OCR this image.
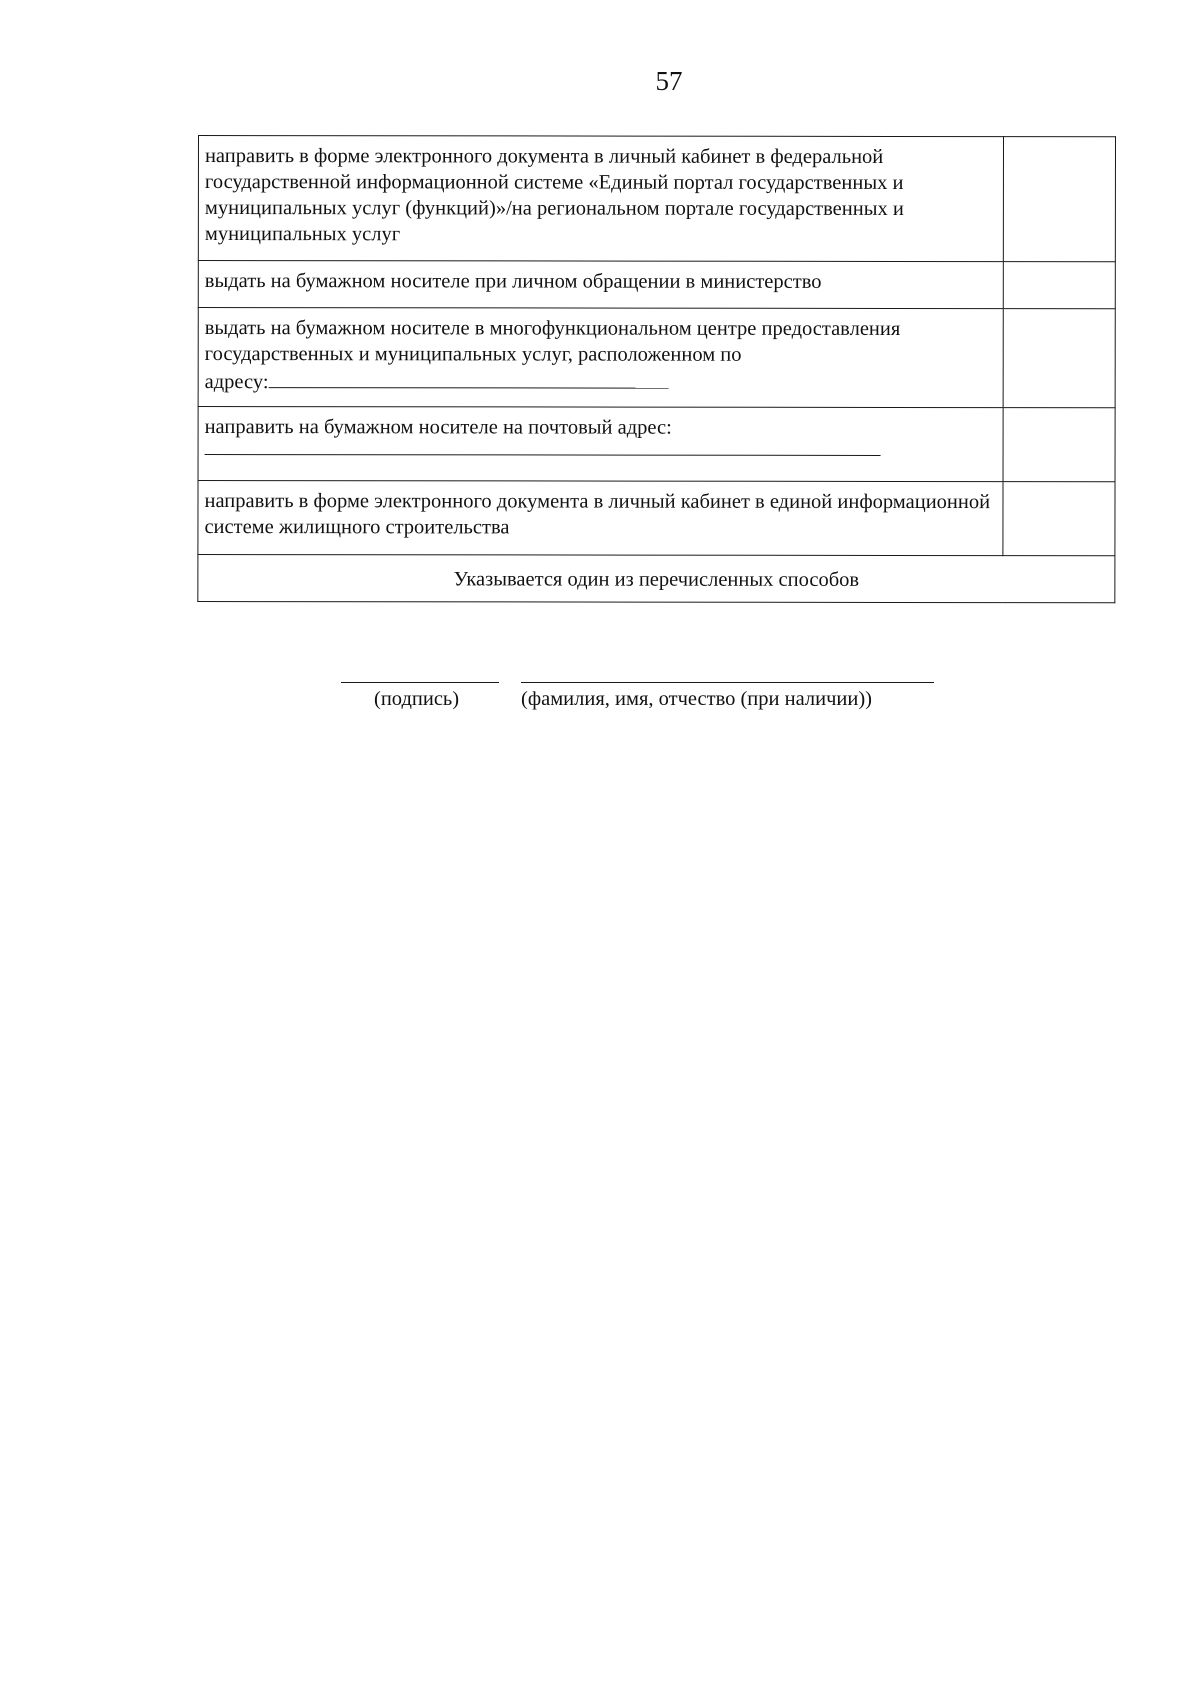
57
направить в форме электронного документа в личный кабинет в федеральной государственной информационной системе «Единый портал государственных и муниципальных услуг (функций)»/на региональном портале государственных и муниципальных услуг	
выдать на бумажном носителе при личном обращении в министерство	
выдать на бумажном носителе в многофункциональном центре предоставления государственных и муниципальных услуг, расположенном по
адресу:	
направить на бумажном носителе на почтовый адрес:

направить в форме электронного документа в личный кабинет в единой информационной системе жилищного строительства	
Указывается один из перечисленных способов	
(подпись)	(фамилия, имя, отчество (при наличии))
